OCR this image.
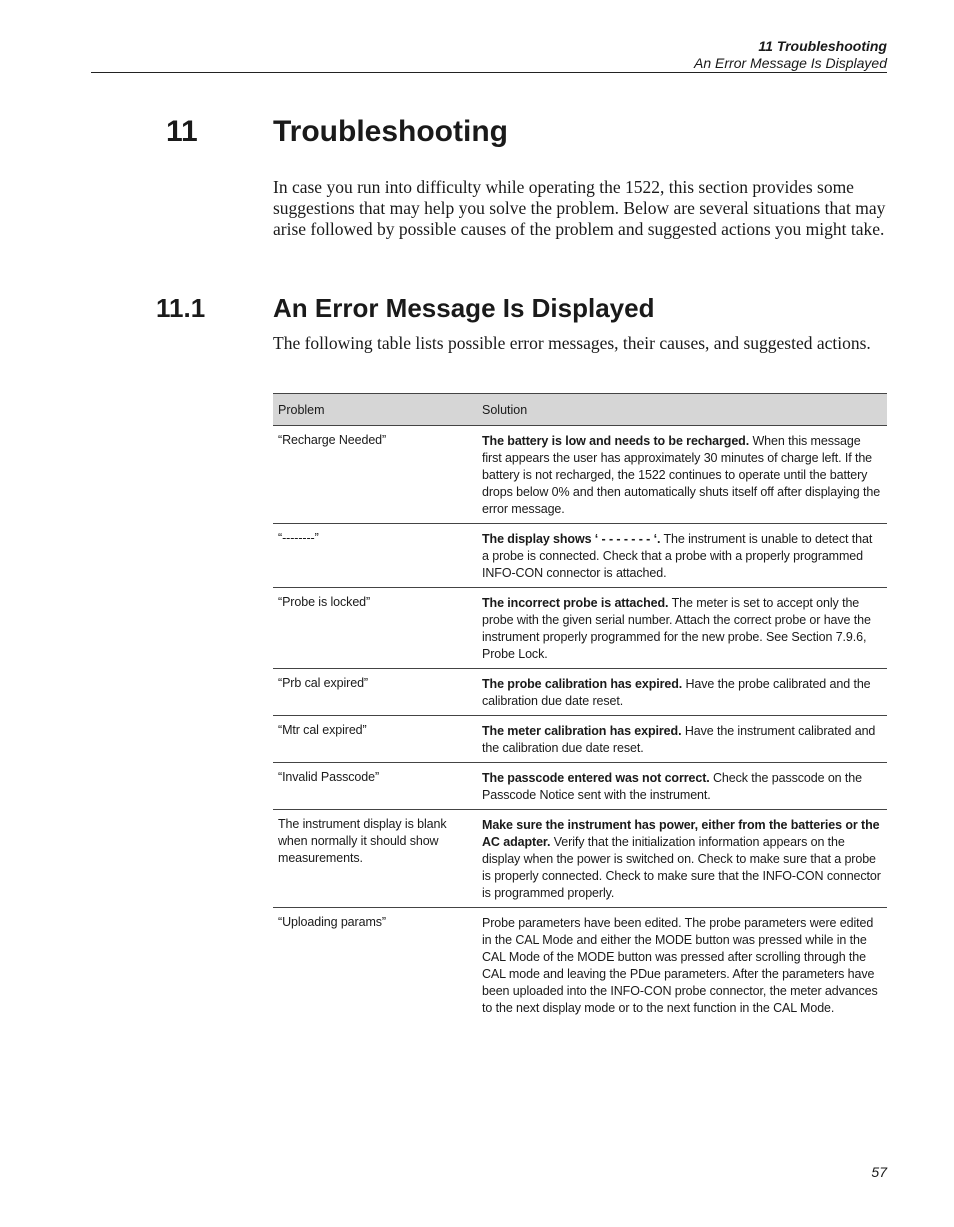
11 Troubleshooting
An Error Message Is Displayed
11	Troubleshooting
In case you run into difficulty while operating the 1522, this section provides some suggestions that may help you solve the problem. Below are several situations that may arise followed by possible causes of the problem and suggested actions you might take.
11.1	An Error Message Is Displayed
The following table lists possible error messages, their causes, and suggested actions.
Problem	Solution
“Recharge Needed”	The battery is low and needs to be recharged. When this message first appears the user has approximately 30 minutes of charge left. If the battery is not recharged, the 1522 continues to operate until the battery drops below 0% and then automatically shuts itself off after displaying the error message.
“--------”	The display shows ‘ - - - - - - - ‘. The instrument is unable to detect that a probe is connected. Check that a probe with a properly programmed INFO-CON connector is attached.
“Probe is locked”	The incorrect probe is attached. The meter is set to accept only the probe with the given serial number. Attach the correct probe or have the instrument properly programmed for the new probe. See Section 7.9.6, Probe Lock.
“Prb cal expired”	The probe calibration has expired. Have the probe calibrated and the calibration due date reset.
“Mtr cal expired”	The meter calibration has expired. Have the instrument calibrated and the calibration due date reset.
“Invalid Passcode”	The passcode entered was not correct. Check the passcode on the Passcode Notice sent with the instrument.
The instrument display is blank when normally it should show measurements.	Make sure the instrument has power, either from the batteries or the AC adapter. Verify that the initialization information appears on the display when the power is switched on. Check to make sure that a probe is properly connected. Check to make sure that the INFO-CON connector is programmed properly.
“Uploading params”	Probe parameters have been edited. The probe parameters were edited in the CAL Mode and either the MODE button was pressed while in the CAL Mode of the MODE button was pressed after scrolling through the CAL mode and leaving the PDue parameters. After the parameters have been uploaded into the INFO-CON probe connector, the meter advances to the next display mode or to the next function in the CAL Mode.
57
